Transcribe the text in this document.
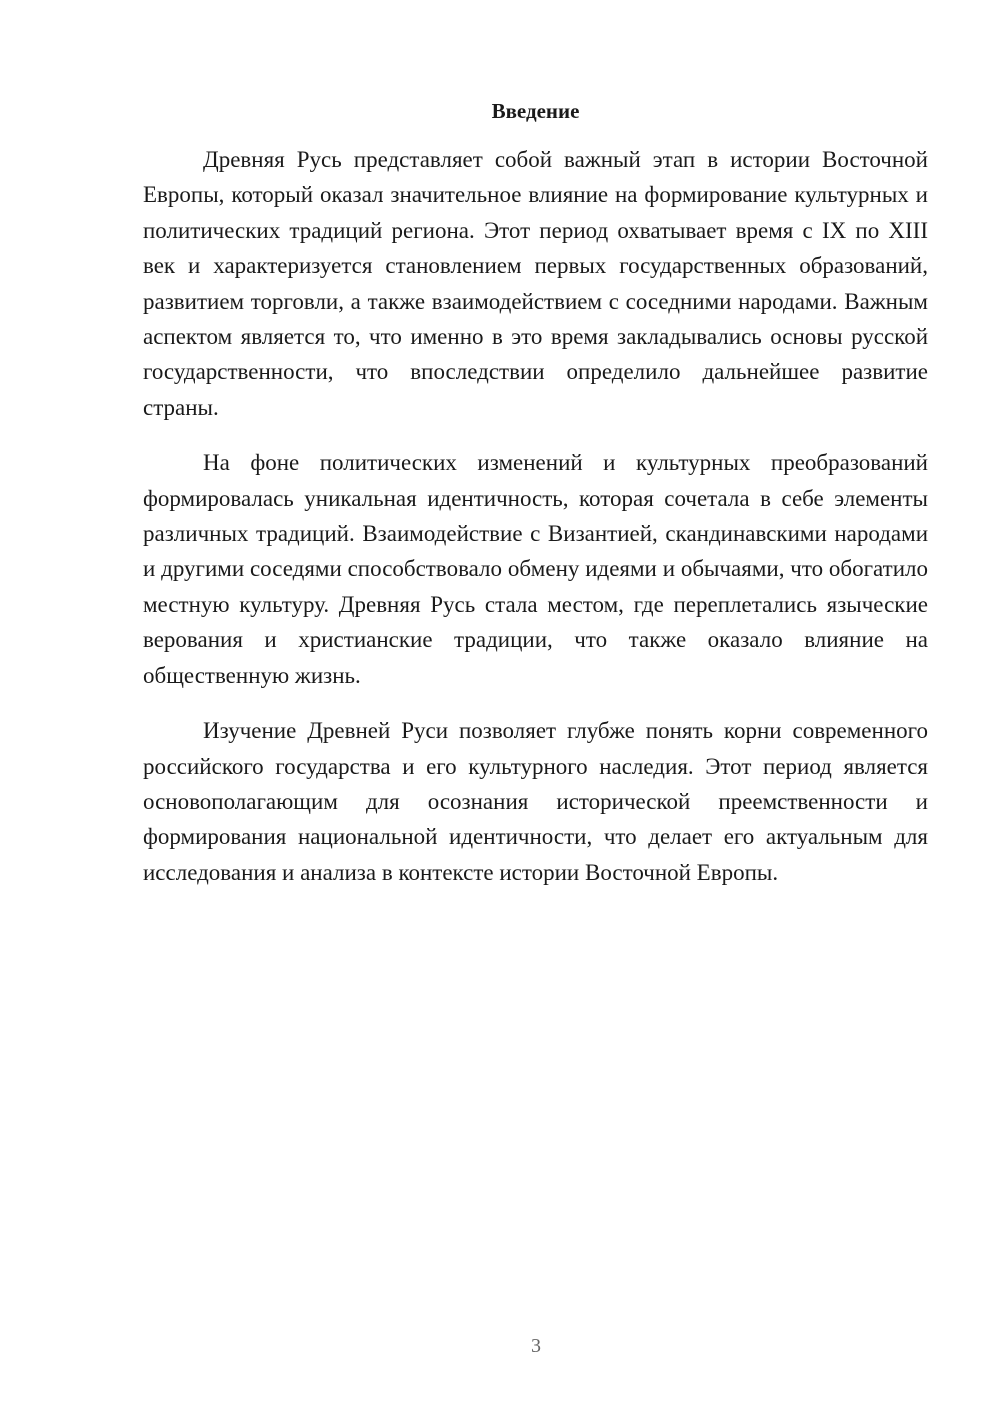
Введение

Древняя Русь представляет собой важный этап в истории Восточной Европы, который оказал значительное влияние на формирование культурных и политических традиций региона. Этот период охватывает время с IX по XIII век и характеризуется становлением первых государственных образований, развитием торговли, а также взаимодействием с соседними народами. Важным аспектом является то, что именно в это время закладывались основы русской государственности, что впоследствии определило дальнейшее развитие страны.

На фоне политических изменений и культурных преобразований формировалась уникальная идентичность, которая сочетала в себе элементы различных традиций. Взаимодействие с Византией, скандинавскими народами и другими соседями способствовало обмену идеями и обычаями, что обогатило местную культуру. Древняя Русь стала местом, где переплетались языческие верования и христианские традиции, что также оказало влияние на общественную жизнь.

Изучение Древней Руси позволяет глубже понять корни современного российского государства и его культурного наследия. Этот период является основополагающим для осознания исторической преемственности и формирования национальной идентичности, что делает его актуальным для исследования и анализа в контексте истории Восточной Европы.

3
